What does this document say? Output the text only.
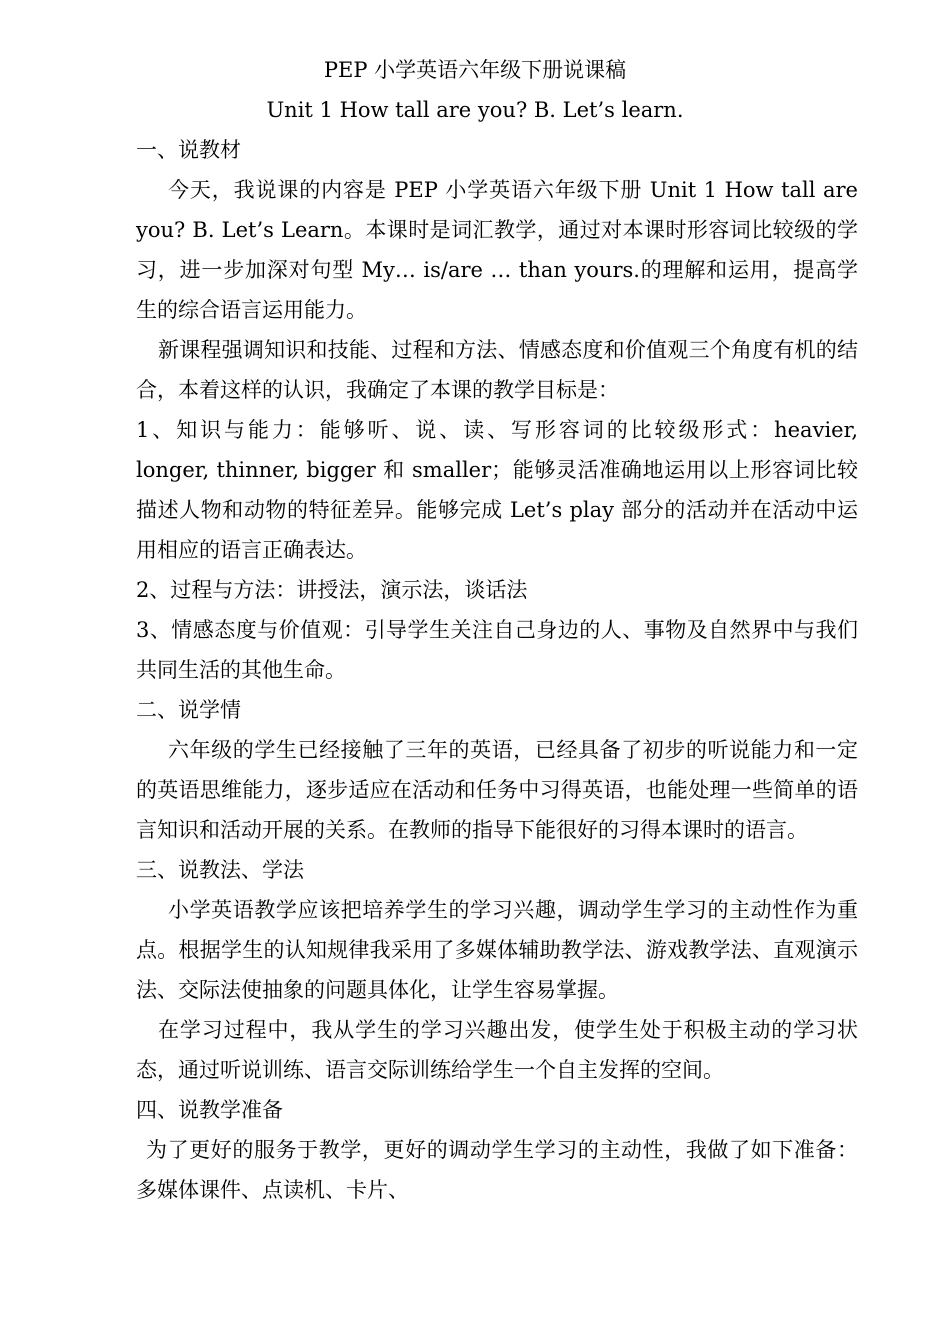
PEP 小学英语六年级下册说课稿
Unit 1 How tall are you? B. Let’s learn.

一、说教材

今天，我说课的内容是 PEP 小学英语六年级下册 Unit 1 How tall are you? B. Let’s Learn。本课时是词汇教学，通过对本课时形容词比较级的学习，进一步加深对句型 My… is/are … than yours.的理解和运用，提高学生的综合语言运用能力。

新课程强调知识和技能、过程和方法、情感态度和价值观三个角度有机的结合，本着这样的认识，我确定了本课的教学目标是：

1、知识与能力：能够听、说、读、写形容词的比较级形式：heavier, longer, thinner, bigger 和 smaller；能够灵活准确地运用以上形容词比较描述人物和动物的特征差异。能够完成 Let’s play 部分的活动并在活动中运用相应的语言正确表达。

2、过程与方法：讲授法，演示法，谈话法

3、情感态度与价值观：引导学生关注自己身边的人、事物及自然界中与我们共同生活的其他生命。

二、说学情

六年级的学生已经接触了三年的英语，已经具备了初步的听说能力和一定的英语思维能力，逐步适应在活动和任务中习得英语，也能处理一些简单的语言知识和活动开展的关系。在教师的指导下能很好的习得本课时的语言。

三、说教法、学法

小学英语教学应该把培养学生的学习兴趣，调动学生学习的主动性作为重点。根据学生的认知规律我采用了多媒体辅助教学法、游戏教学法、直观演示法、交际法使抽象的问题具体化，让学生容易掌握。

在学习过程中，我从学生的学习兴趣出发，使学生处于积极主动的学习状态，通过听说训练、语言交际训练给学生一个自主发挥的空间。

四、说教学准备

为了更好的服务于教学，更好的调动学生学习的主动性，我做了如下准备：多媒体课件、点读机、卡片、
